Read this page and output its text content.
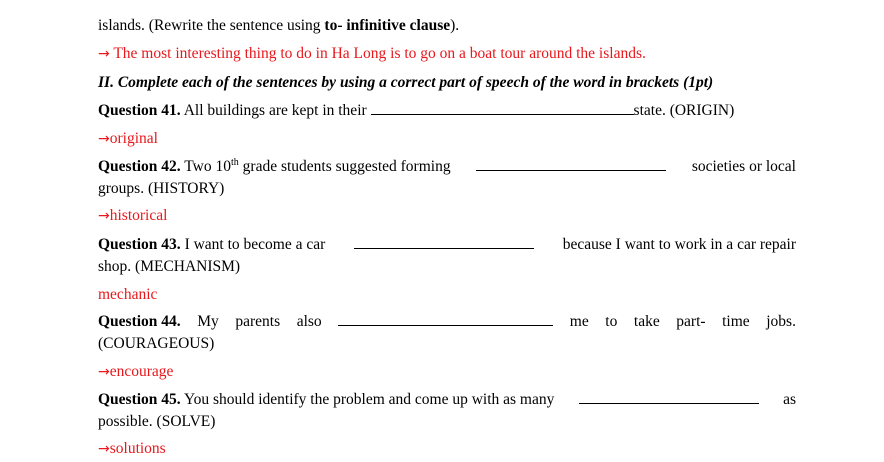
islands. (Rewrite the sentence using to- infinitive clause).
→ The most interesting thing to do in Ha Long is to go on a boat tour around the islands.
II. Complete each of the sentences by using a correct part of speech of the word in brackets (1pt)
Question 41. All buildings are kept in their	state. (ORIGIN)
→original
Question 42. Two 10th grade students suggested forming	societies or local
groups. (HISTORY)
→historical
Question 43. I want to become a car	because I want to work in a car repair
shop. (MECHANISM)
mechanic
Question 44. My parents also	me to take part- time jobs.
(COURAGEOUS)
→encourage
Question 45. You should identify the problem and come up with as many	as
possible. (SOLVE)
→solutions
